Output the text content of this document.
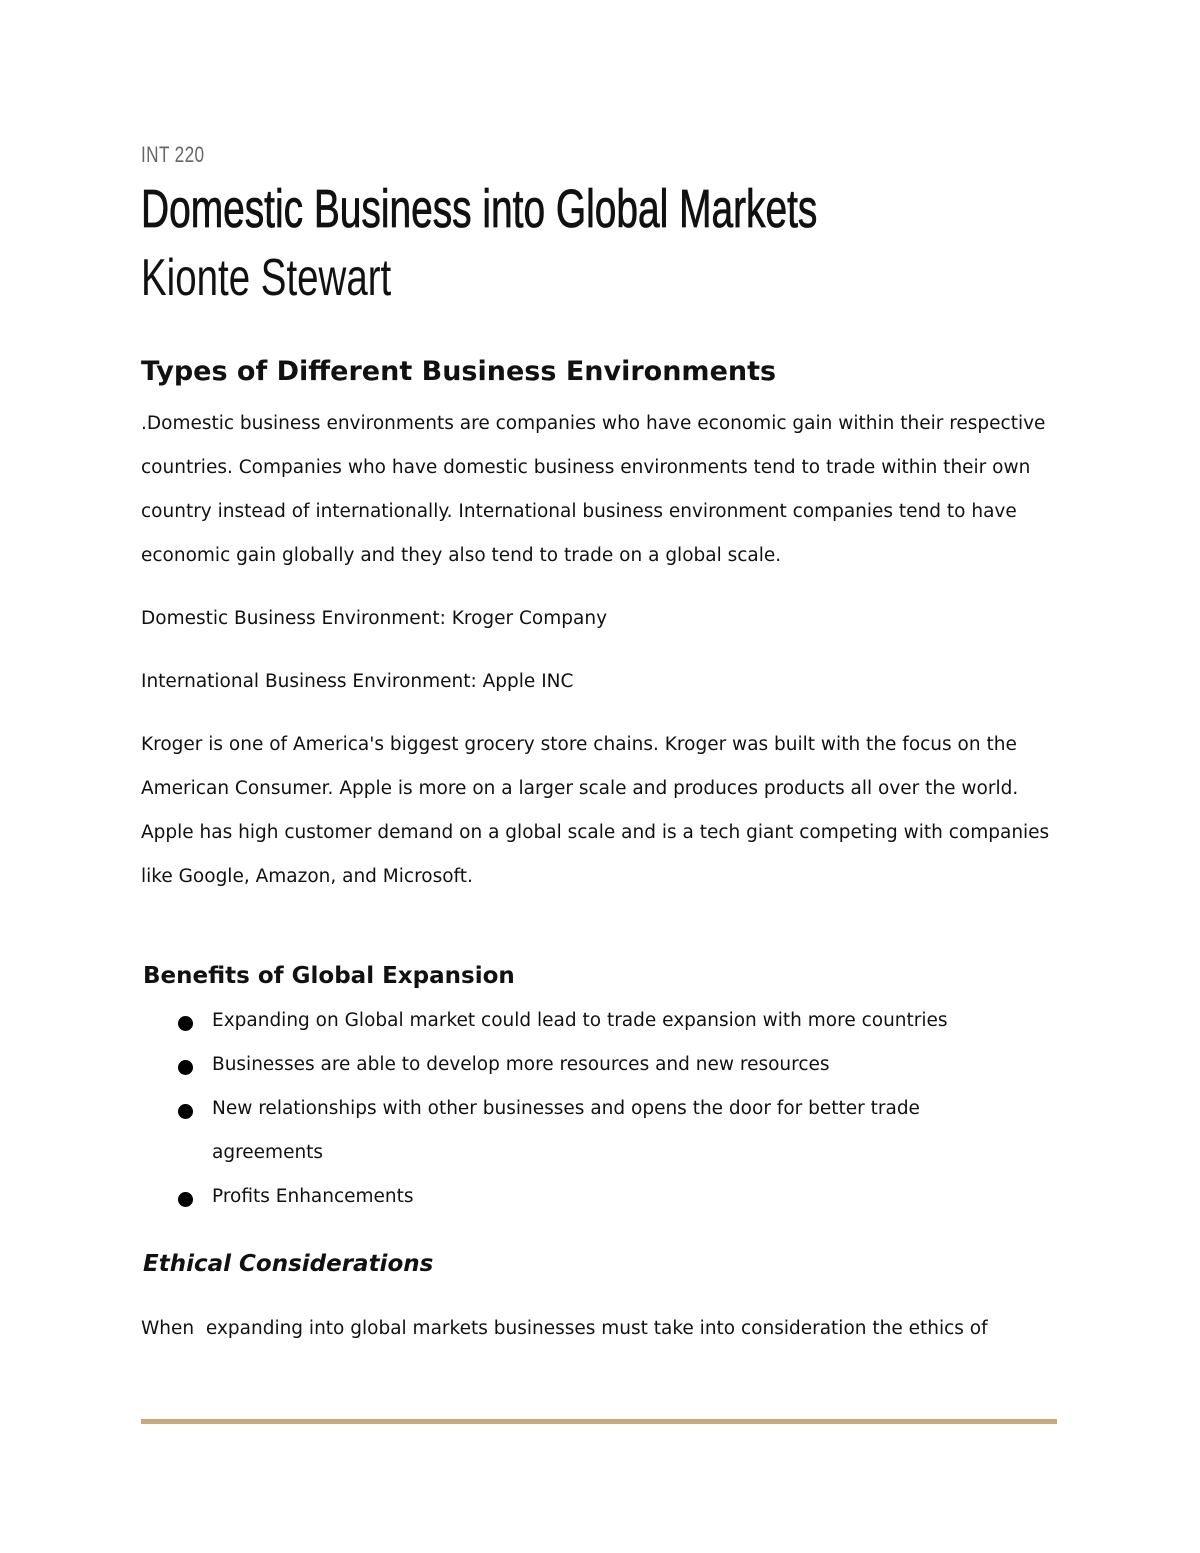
INT 220
Domestic Business into Global Markets
Kionte Stewart
Types of Different Business Environments

.Domestic business environments are companies who have economic gain within their respective countries. Companies who have domestic business environments tend to trade within their own country instead of internationally. International business environment companies tend to have economic gain globally and they also tend to trade on a global scale.

Domestic Business Environment: Kroger Company

International Business Environment: Apple INC

Kroger is one of America's biggest grocery store chains. Kroger was built with the focus on the American Consumer. Apple is more on a larger scale and produces products all over the world. Apple has high customer demand on a global scale and is a tech giant competing with companies like Google, Amazon, and Microsoft.

Benefits of Global Expansion
Expanding on Global market could lead to trade expansion with more countries
Businesses are able to develop more resources and new resources
New relationships with other businesses and opens the door for better trade agreements
Profits Enhancements
Ethical Considerations

When  expanding into global markets businesses must take into consideration the ethics of
